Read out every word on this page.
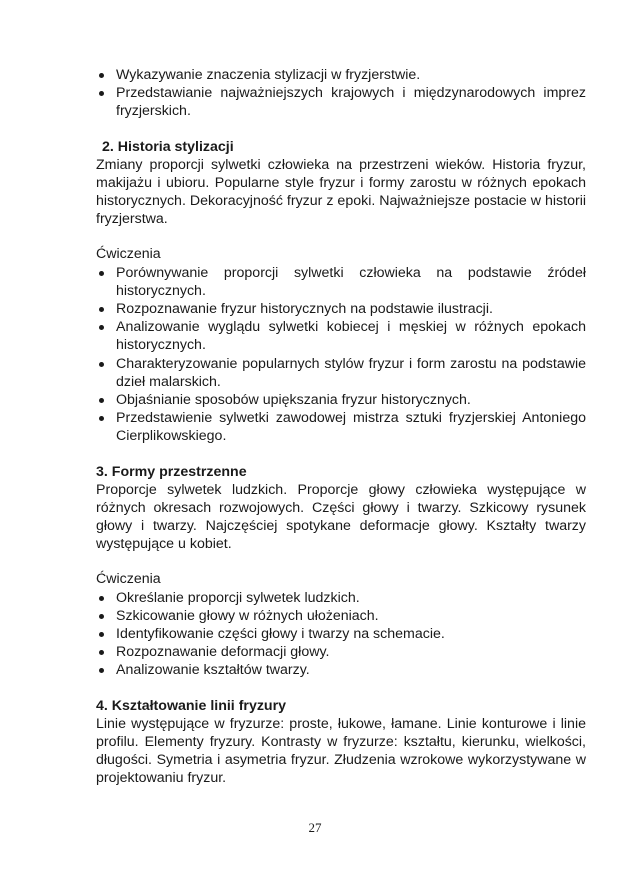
Wykazywanie znaczenia stylizacji w fryzjerstwie.
Przedstawianie najważniejszych krajowych i międzynarodowych imprez fryzjerskich.
2. Historia stylizacji

Zmiany proporcji sylwetki człowieka na przestrzeni wieków. Historia fryzur, makijażu i ubioru. Popularne style fryzur i formy zarostu w różnych epokach historycznych. Dekoracyjność fryzur z epoki. Najważniejsze postacie w historii fryzjerstwa.

Ćwiczenia
Porównywanie proporcji sylwetki człowieka na podstawie źródeł historycznych.
Rozpoznawanie fryzur historycznych na podstawie ilustracji.
Analizowanie wyglądu sylwetki kobiecej i męskiej w różnych epokach historycznych.
Charakteryzowanie popularnych stylów fryzur i form zarostu na podstawie dzieł malarskich.
Objaśnianie sposobów upiększania fryzur historycznych.
Przedstawienie sylwetki zawodowej mistrza sztuki fryzjerskiej Antoniego Cierplikowskiego.
3. Formy przestrzenne

Proporcje sylwetek ludzkich. Proporcje głowy człowieka występujące w różnych okresach rozwojowych. Części głowy i twarzy. Szkicowy rysunek głowy i twarzy. Najczęściej spotykane deformacje głowy. Kształty twarzy występujące u kobiet.

Ćwiczenia
Określanie proporcji sylwetek ludzkich.
Szkicowanie głowy w różnych ułożeniach.
Identyfikowanie części głowy i twarzy na schemacie.
Rozpoznawanie deformacji głowy.
Analizowanie kształtów twarzy.
4. Kształtowanie linii fryzury

Linie występujące w fryzurze: proste, łukowe, łamane. Linie konturowe i linie profilu. Elementy fryzury. Kontrasty w fryzurze: kształtu, kierunku, wielkości, długości. Symetria i asymetria fryzur. Złudzenia wzrokowe wykorzystywane w projektowaniu fryzur.

27
